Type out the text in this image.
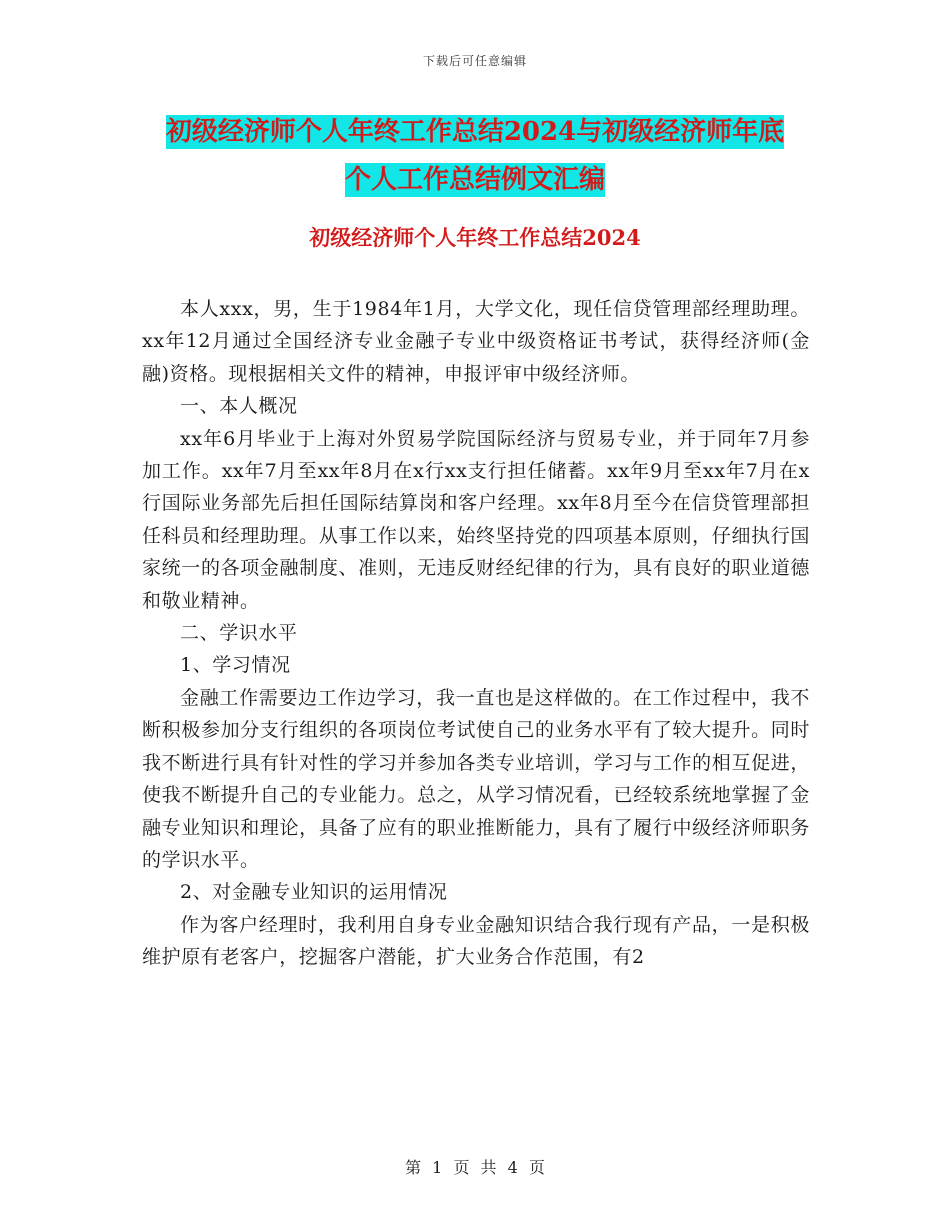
下载后可任意编辑
初级经济师个人年终工作总结2024与初级经济师年底
个人工作总结例文汇编
初级经济师个人年终工作总结2024

本人xxx，男，生于1984年1月，大学文化，现任信贷管理部经理助理。xx年12月通过全国经济专业金融子专业中级资格证书考试，获得经济师(金融)资格。现根据相关文件的精神，申报评审中级经济师。

一、本人概况

xx年6月毕业于上海对外贸易学院国际经济与贸易专业，并于同年7月参加工作。xx年7月至xx年8月在x行xx支行担任储蓄。xx年9月至xx年7月在x行国际业务部先后担任国际结算岗和客户经理。xx年8月至今在信贷管理部担任科员和经理助理。从事工作以来，始终坚持党的四项基本原则，仔细执行国家统一的各项金融制度、准则，无违反财经纪律的行为，具有良好的职业道德和敬业精神。

二、学识水平

1、学习情况

金融工作需要边工作边学习，我一直也是这样做的。在工作过程中，我不断积极参加分支行组织的各项岗位考试使自己的业务水平有了较大提升。同时我不断进行具有针对性的学习并参加各类专业培训，学习与工作的相互促进，使我不断提升自己的专业能力。总之，从学习情况看，已经较系统地掌握了金融专业知识和理论，具备了应有的职业推断能力，具有了履行中级经济师职务的学识水平。

2、对金融专业知识的运用情况

作为客户经理时，我利用自身专业金融知识结合我行现有产品，一是积极维护原有老客户，挖掘客户潜能，扩大业务合作范围，有2

第 1 页 共 4 页
